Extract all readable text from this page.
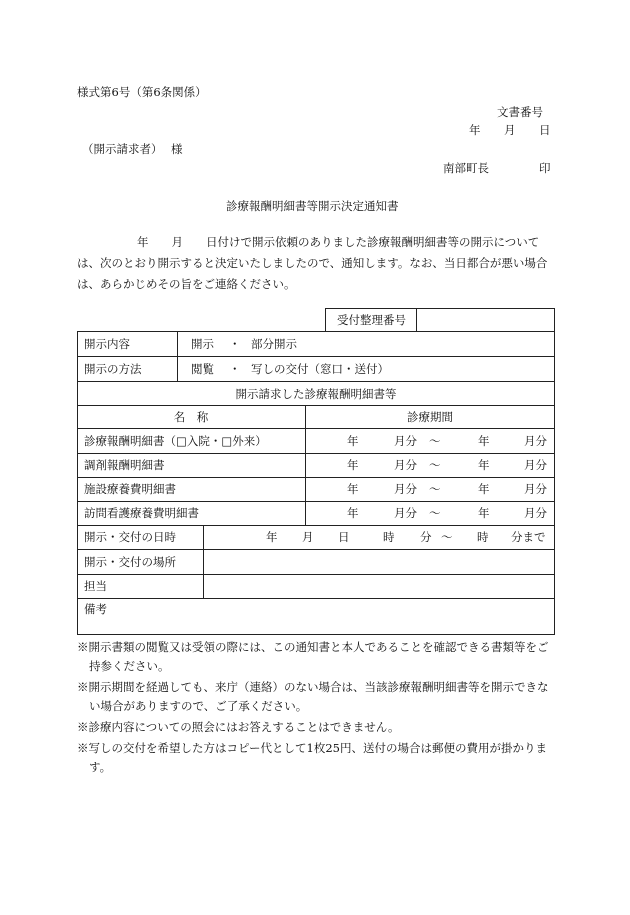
様式第6号（第6条関係）
文書番号
年 月 日
（開示請求者） 様
南部町長	印
診療報酬明細書等開示決定通知書
年 月 日付けで開示依頼のありました診療報酬明細書等の開示については、次のとおり開示すると決定いたしましたので、通知します。なお、当日都合が悪い場合は、あらかじめその旨をご連絡ください。
受付整理番号
開示内容	開示 ・ 部分開示
開示の方法	閲覧 ・ 写しの交付（窓口・送付）
開示請求した診療報酬明細書等
名　称	診療期間
診療報酬明細書（□入院・□外来）	年	月分 ～	年	月分
調剤報酬明細書	年	月分 ～	年	月分
施設療養費明細書	年	月分 ～	年	月分
訪問看護療養費明細書	年	月分 ～	年	月分
開示・交付の日時	年 月 日	時 分 ～ 時 分まで
開示・交付の場所
担当
備考
※開示書類の閲覧又は受領の際には、この通知書と本人であることを確認できる書類等をご持参ください。
※開示期間を経過しても、来庁（連絡）のない場合は、当該診療報酬明細書等を開示できない場合がありますので、ご了承ください。
※診療内容についての照会にはお答えすることはできません。
※写しの交付を希望した方はコピー代として1枚25円、送付の場合は郵便の費用が掛かります。
